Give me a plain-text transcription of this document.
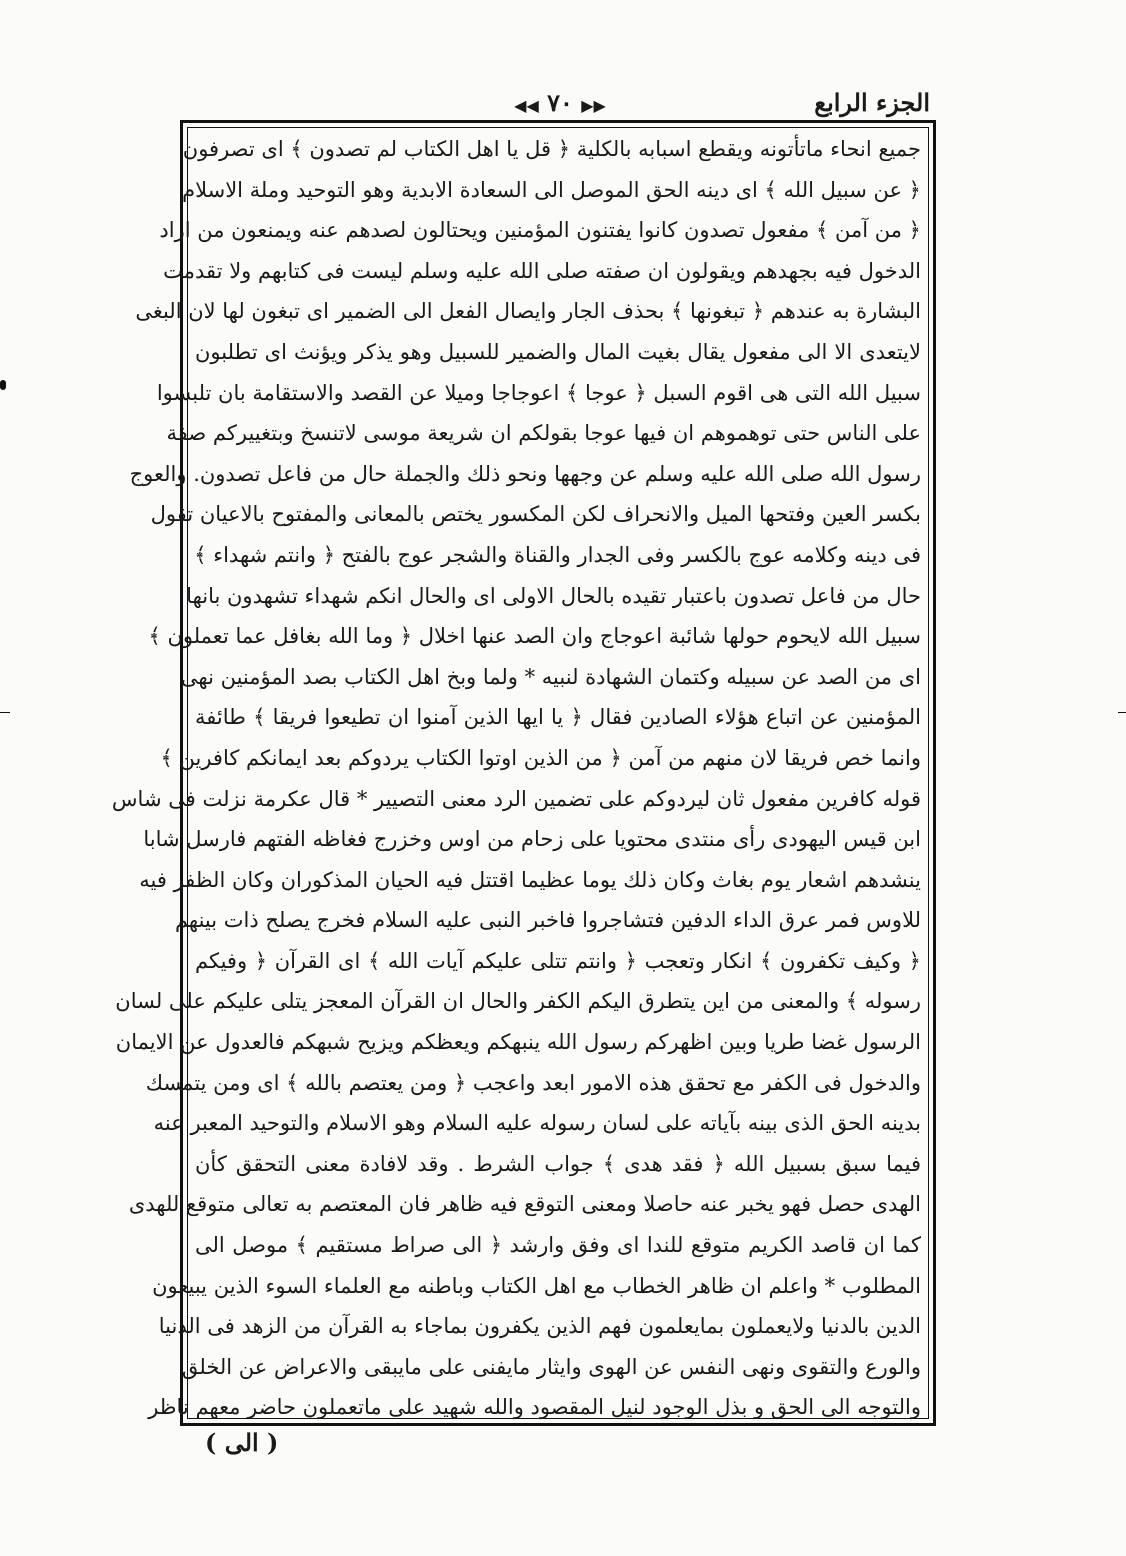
الجزء الرابع
◀◀ ٧٠ ▶▶
جميع انحاء ماتأتونه ويقطع اسبابه بالكلية ﴿ قل يا اهل الكتاب لم تصدون ﴾ اى تصرفون
﴿ عن سبيل الله ﴾ اى دينه الحق الموصل الى السعادة الابدية وهو التوحيد وملة الاسلام
﴿ من آمن ﴾ مفعول تصدون كانوا يفتنون المؤمنين ويحتالون لصدهم عنه ويمنعون من اراد
الدخول فيه بجهدهم ويقولون ان صفته صلى الله عليه وسلم ليست فى كتابهم ولا تقدمت
البشارة به عندهم ﴿ تبغونها ﴾ بحذف الجار وايصال الفعل الى الضمير اى تبغون لها لان البغى
لايتعدى الا الى مفعول يقال بغيت المال والضمير للسبيل وهو يذكر ويؤنث اى تطلبون
سبيل الله التى هى اقوم السبل ﴿ عوجا ﴾ اعوجاجا وميلا عن القصد والاستقامة بان تلبسوا
على الناس حتى توهموهم ان فيها عوجا بقولكم ان شريعة موسى لاتنسخ وبتغييركم صفة
رسول الله صلى الله عليه وسلم عن وجهها ونحو ذلك والجملة حال من فاعل تصدون. والعوج
بكسر العين وفتحها الميل والانحراف لكن المكسور يختص بالمعانى والمفتوح بالاعيان تقول
فى دينه وكلامه عوج بالكسر وفى الجدار والقناة والشجر عوج بالفتح ﴿ وانتم شهداء ﴾
حال من فاعل تصدون باعتبار تقيده بالحال الاولى اى والحال انكم شهداء تشهدون بانها
سبيل الله لايحوم حولها شائبة اعوجاج وان الصد عنها اخلال ﴿ وما الله بغافل عما تعملون ﴾
اى من الصد عن سبيله وكتمان الشهادة لنبيه * ولما وبخ اهل الكتاب بصد المؤمنين نهى
المؤمنين عن اتباع هؤلاء الصادين فقال ﴿ يا ايها الذين آمنوا ان تطيعوا فريقا ﴾ طائفة
وانما خص فريقا لان منهم من آمن ﴿ من الذين اوتوا الكتاب يردوكم بعد ايمانكم كافرين ﴾
قوله كافرين مفعول ثان ليردوكم على تضمين الرد معنى التصيير * قال عكرمة نزلت فى شاس
ابن قيس اليهودى رأى منتدى محتويا على زحام من اوس وخزرج فغاظه الفتهم فارسل شابا
ينشدهم اشعار يوم بغاث وكان ذلك يوما عظيما اقتتل فيه الحيان المذكوران وكان الظفر فيه
للاوس فمر عرق الداء الدفين فتشاجروا فاخبر النبى عليه السلام فخرج يصلح ذات بينهم
﴿ وكيف تكفرون ﴾ انكار وتعجب ﴿ وانتم تتلى عليكم آيات الله ﴾ اى القرآن ﴿ وفيكم
رسوله ﴾ والمعنى من اين يتطرق اليكم الكفر والحال ان القرآن المعجز يتلى عليكم على لسان
الرسول غضا طريا وبين اظهركم رسول الله ينبهكم ويعظكم ويزيح شبهكم فالعدول عن الايمان
والدخول فى الكفر مع تحقق هذه الامور ابعد واعجب ﴿ ومن يعتصم بالله ﴾ اى ومن يتمسك
بدينه الحق الذى بينه بآياته على لسان رسوله عليه السلام وهو الاسلام والتوحيد المعبر عنه
فيما سبق بسبيل الله ﴿ فقد هدى ﴾ جواب الشرط . وقد لافادة معنى التحقق كأن
الهدى حصل فهو يخبر عنه حاصلا ومعنى التوقع فيه ظاهر فان المعتصم به تعالى متوقع للهدى
كما ان قاصد الكريم متوقع للندا اى وفق وارشد ﴿ الى صراط مستقيم ﴾ موصل الى
المطلوب * واعلم ان ظاهر الخطاب مع اهل الكتاب وباطنه مع العلماء السوء الذين يبيعون
الدين بالدنيا ولايعملون بمايعلمون فهم الذين يكفرون بماجاء به القرآن من الزهد فى الدنيا
والورع والتقوى ونهى النفس عن الهوى وايثار مايفنى على مايبقى والاعراض عن الخلق
والتوجه الى الحق و بذل الوجود لنيل المقصود والله شهيد على ماتعملون حاضر معهم ناظر
( الى )
